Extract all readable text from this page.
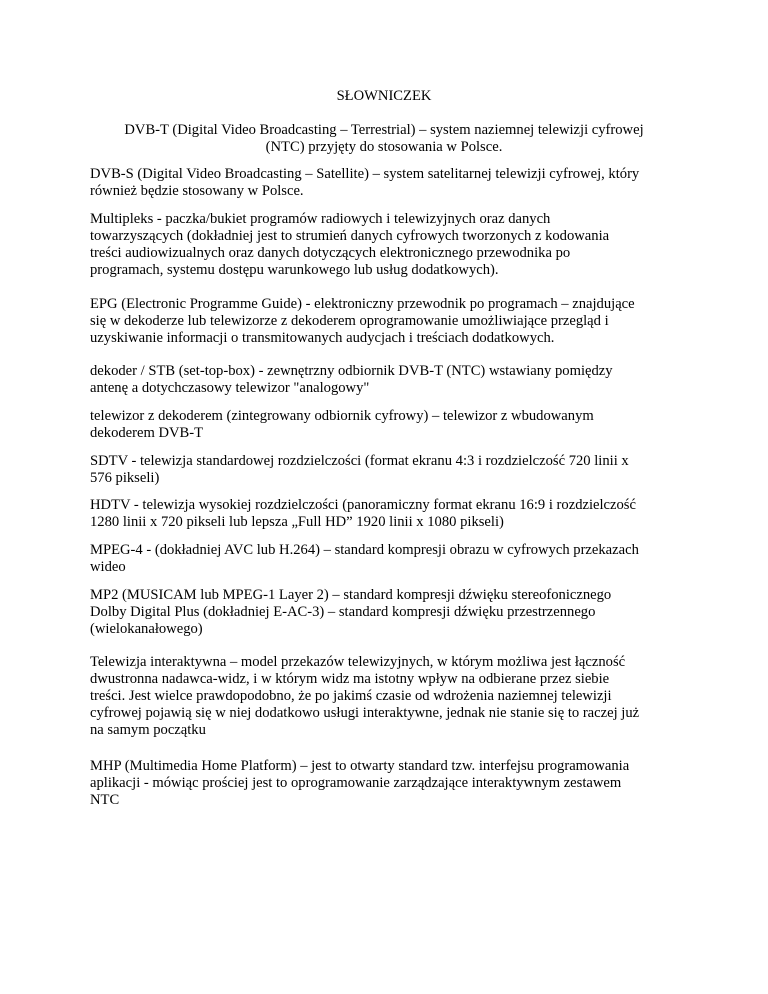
SŁOWNICZEK
DVB-T (Digital Video Broadcasting – Terrestrial) – system naziemnej telewizji cyfrowej
(NTC) przyjęty do stosowania w Polsce.
DVB-S (Digital Video Broadcasting – Satellite) – system satelitarnej telewizji cyfrowej, który
również będzie stosowany w Polsce.
Multipleks - paczka/bukiet programów radiowych i telewizyjnych oraz danych
towarzyszących (dokładniej jest to strumień danych cyfrowych tworzonych z kodowania
treści audiowizualnych oraz danych dotyczących elektronicznego przewodnika po
programach, systemu dostępu warunkowego lub usług dodatkowych).
EPG (Electronic Programme Guide) - elektroniczny przewodnik po programach – znajdujące
się w dekoderze lub telewizorze z dekoderem oprogramowanie umożliwiające przegląd i
uzyskiwanie informacji o transmitowanych audycjach i treściach dodatkowych.
dekoder / STB (set-top-box) - zewnętrzny odbiornik DVB-T (NTC) wstawiany pomiędzy
antenę a dotychczasowy telewizor "analogowy"
telewizor z dekoderem (zintegrowany odbiornik cyfrowy) – telewizor z wbudowanym
dekoderem DVB-T
SDTV - telewizja standardowej rozdzielczości (format ekranu 4:3 i rozdzielczość 720 linii x
576 pikseli)
HDTV - telewizja wysokiej rozdzielczości (panoramiczny format ekranu 16:9 i rozdzielczość
1280 linii x 720 pikseli lub lepsza „Full HD” 1920 linii x 1080 pikseli)
MPEG-4 - (dokładniej AVC lub H.264) – standard kompresji obrazu w cyfrowych przekazach
wideo
MP2 (MUSICAM lub MPEG-1 Layer 2) – standard kompresji dźwięku stereofonicznego
Dolby Digital Plus (dokładniej E-AC-3) – standard kompresji dźwięku przestrzennego
(wielokanałowego)
Telewizja interaktywna – model przekazów telewizyjnych, w którym możliwa jest łączność
dwustronna nadawca-widz, i w którym widz ma istotny wpływ na odbierane przez siebie
treści. Jest wielce prawdopodobno, że po jakimś czasie od wdrożenia naziemnej telewizji
cyfrowej pojawią się w niej dodatkowo usługi interaktywne, jednak nie stanie się to raczej już
na samym początku
MHP (Multimedia Home Platform) – jest to otwarty standard tzw. interfejsu programowania
aplikacji - mówiąc prościej jest to oprogramowanie zarządzające interaktywnym zestawem
NTC
